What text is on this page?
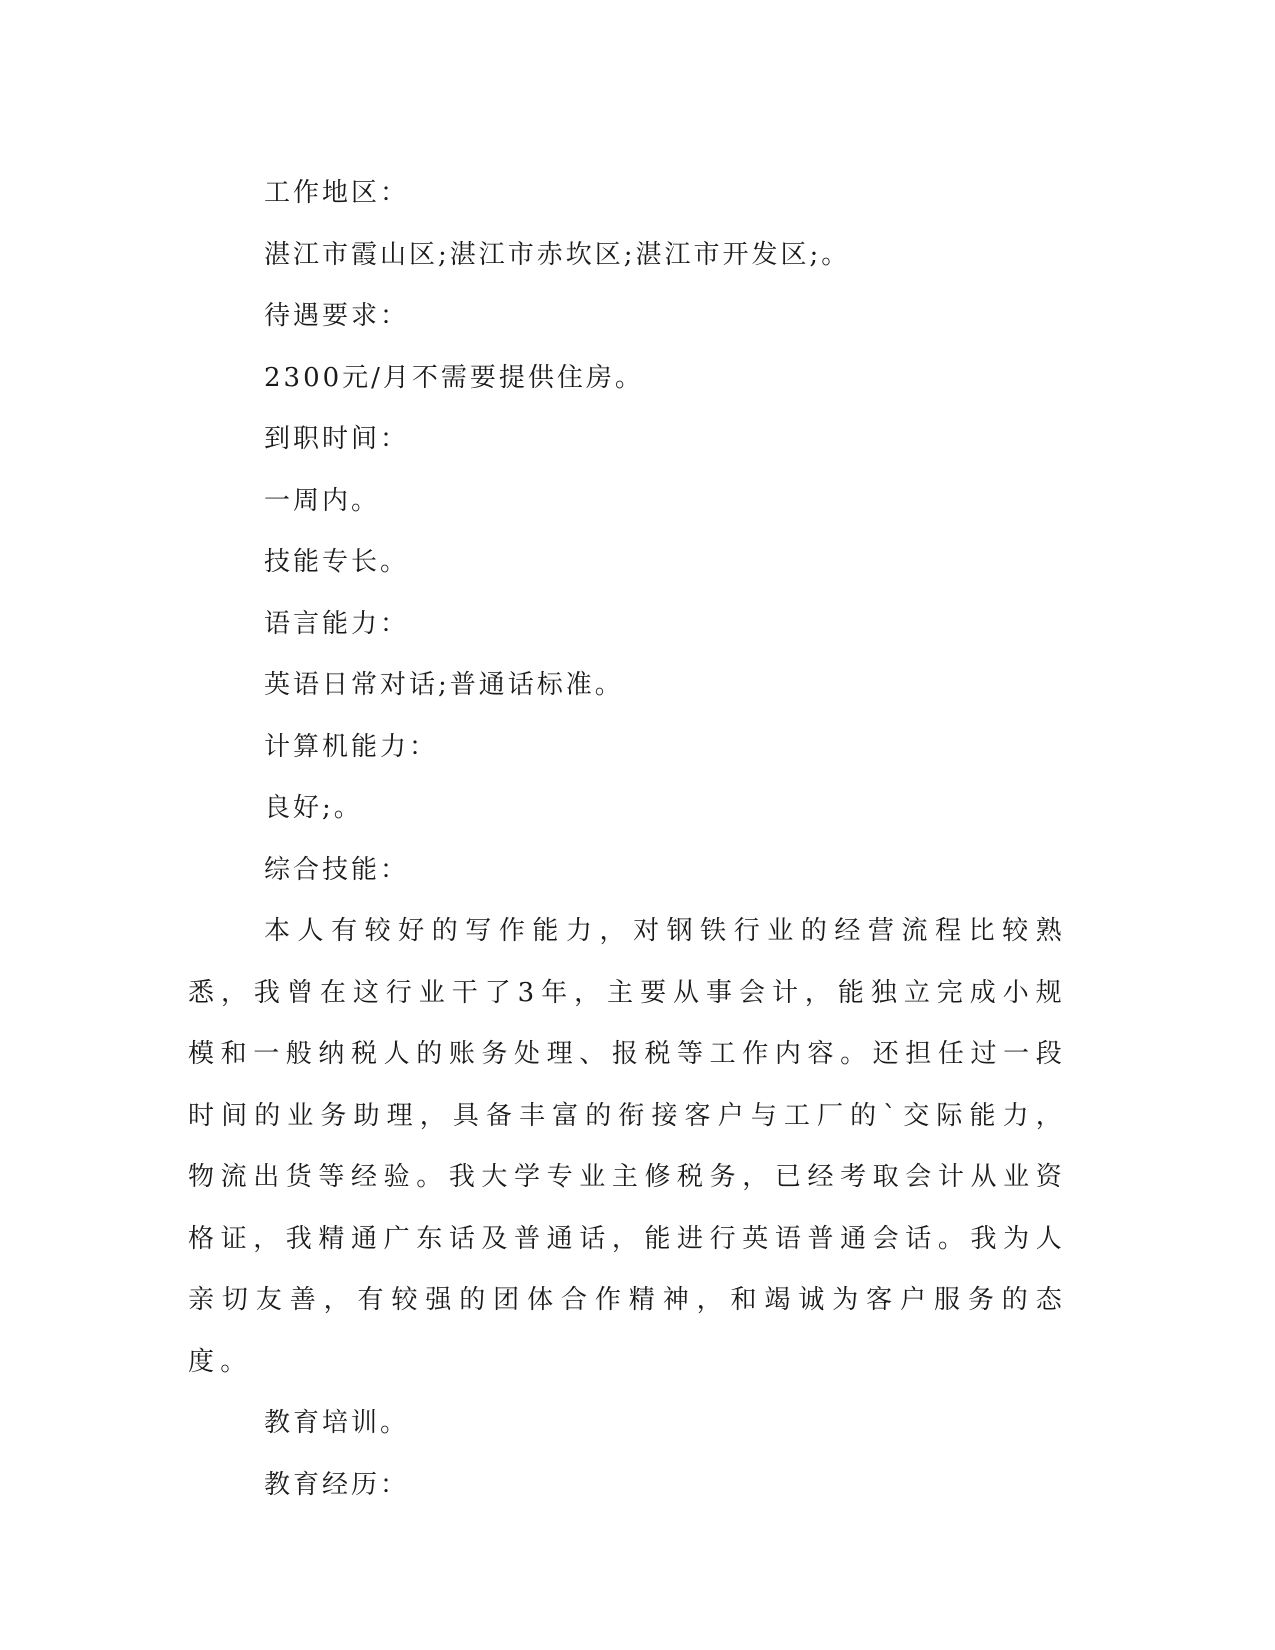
工作地区：

湛江市霞山区;湛江市赤坎区;湛江市开发区;。

待遇要求：

2300元/月不需要提供住房。

到职时间：

一周内。

技能专长。

语言能力：

英语日常对话;普通话标准。

计算机能力：

良好;。

综合技能：

本人有较好的写作能力，对钢铁行业的经营流程比较熟悉，我曾在这行业干了3年，主要从事会计，能独立完成小规模和一般纳税人的账务处理、报税等工作内容。还担任过一段时间的业务助理，具备丰富的衔接客户与工厂的`交际能力，物流出货等经验。我大学专业主修税务，已经考取会计从业资格证，我精通广东话及普通话，能进行英语普通会话。我为人亲切友善，有较强的团体合作精神，和竭诚为客户服务的态度。

教育培训。

教育经历：
